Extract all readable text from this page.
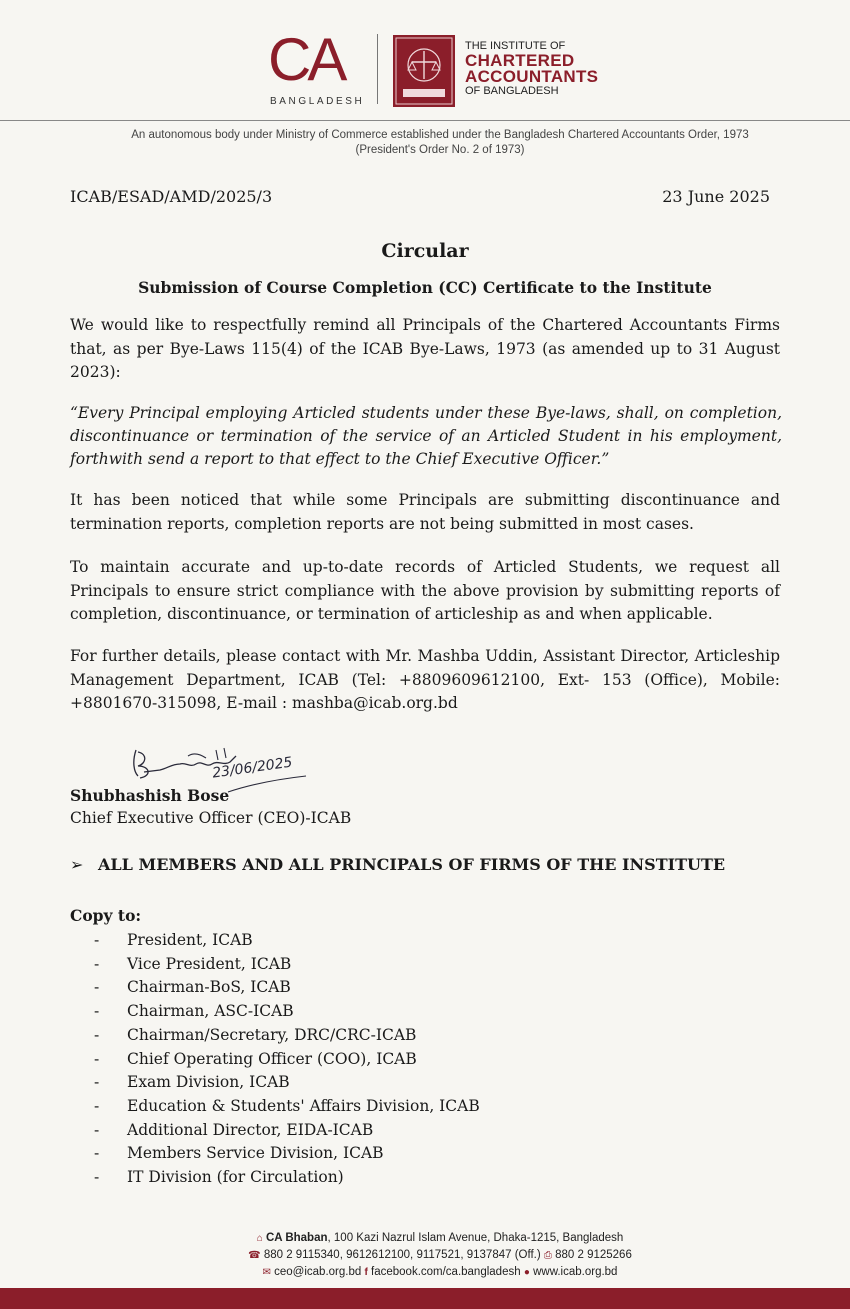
CA
BANGLADESH
THE INSTITUTE OF
CHARTERED
ACCOUNTANTS
OF BANGLADESH
An autonomous body under Ministry of Commerce established under the Bangladesh Chartered Accountants Order, 1973
(President's Order No. 2 of 1973)
ICAB/ESAD/AMD/2025/3	23 June 2025
Circular
Submission of Course Completion (CC) Certificate to the Institute
We would like to respectfully remind all Principals of the Chartered Accountants Firms that, as per Bye-Laws 115(4) of the ICAB Bye-Laws, 1973 (as amended up to 31 August 2023):
“Every Principal employing Articled students under these Bye-laws, shall, on completion, discontinuance or termination of the service of an Articled Student in his employment, forthwith send a report to that effect to the Chief Executive Officer.”
It has been noticed that while some Principals are submitting discontinuance and termination reports, completion reports are not being submitted in most cases.
To maintain accurate and up-to-date records of Articled Students, we request all Principals to ensure strict compliance with the above provision by submitting reports of completion, discontinuance, or termination of articleship as and when applicable.
For further details, please contact with Mr. Mashba Uddin, Assistant Director, Articleship Management Department, ICAB (Tel: +8809609612100, Ext- 153 (Office), Mobile: +8801670-315098, E-mail : mashba@icab.org.bd
23/06/2025
Shubhashish Bose
Chief Executive Officer (CEO)-ICAB
➢ ALL MEMBERS AND ALL PRINCIPALS OF FIRMS OF THE INSTITUTE
Copy to:
- President, ICAB
- Vice President, ICAB
- Chairman-BoS, ICAB
- Chairman, ASC-ICAB
- Chairman/Secretary, DRC/CRC-ICAB
- Chief Operating Officer (COO), ICAB
- Exam Division, ICAB
- Education & Students' Affairs Division, ICAB
- Additional Director, EIDA-ICAB
- Members Service Division, ICAB
- IT Division (for Circulation)
⌂ CA Bhaban, 100 Kazi Nazrul Islam Avenue, Dhaka-1215, Bangladesh
☎ 880 2 9115340, 9612612100, 9117521, 9137847 (Off.) ⎙ 880 2 9125266
✉ ceo@icab.org.bd f facebook.com/ca.bangladesh ● www.icab.org.bd
